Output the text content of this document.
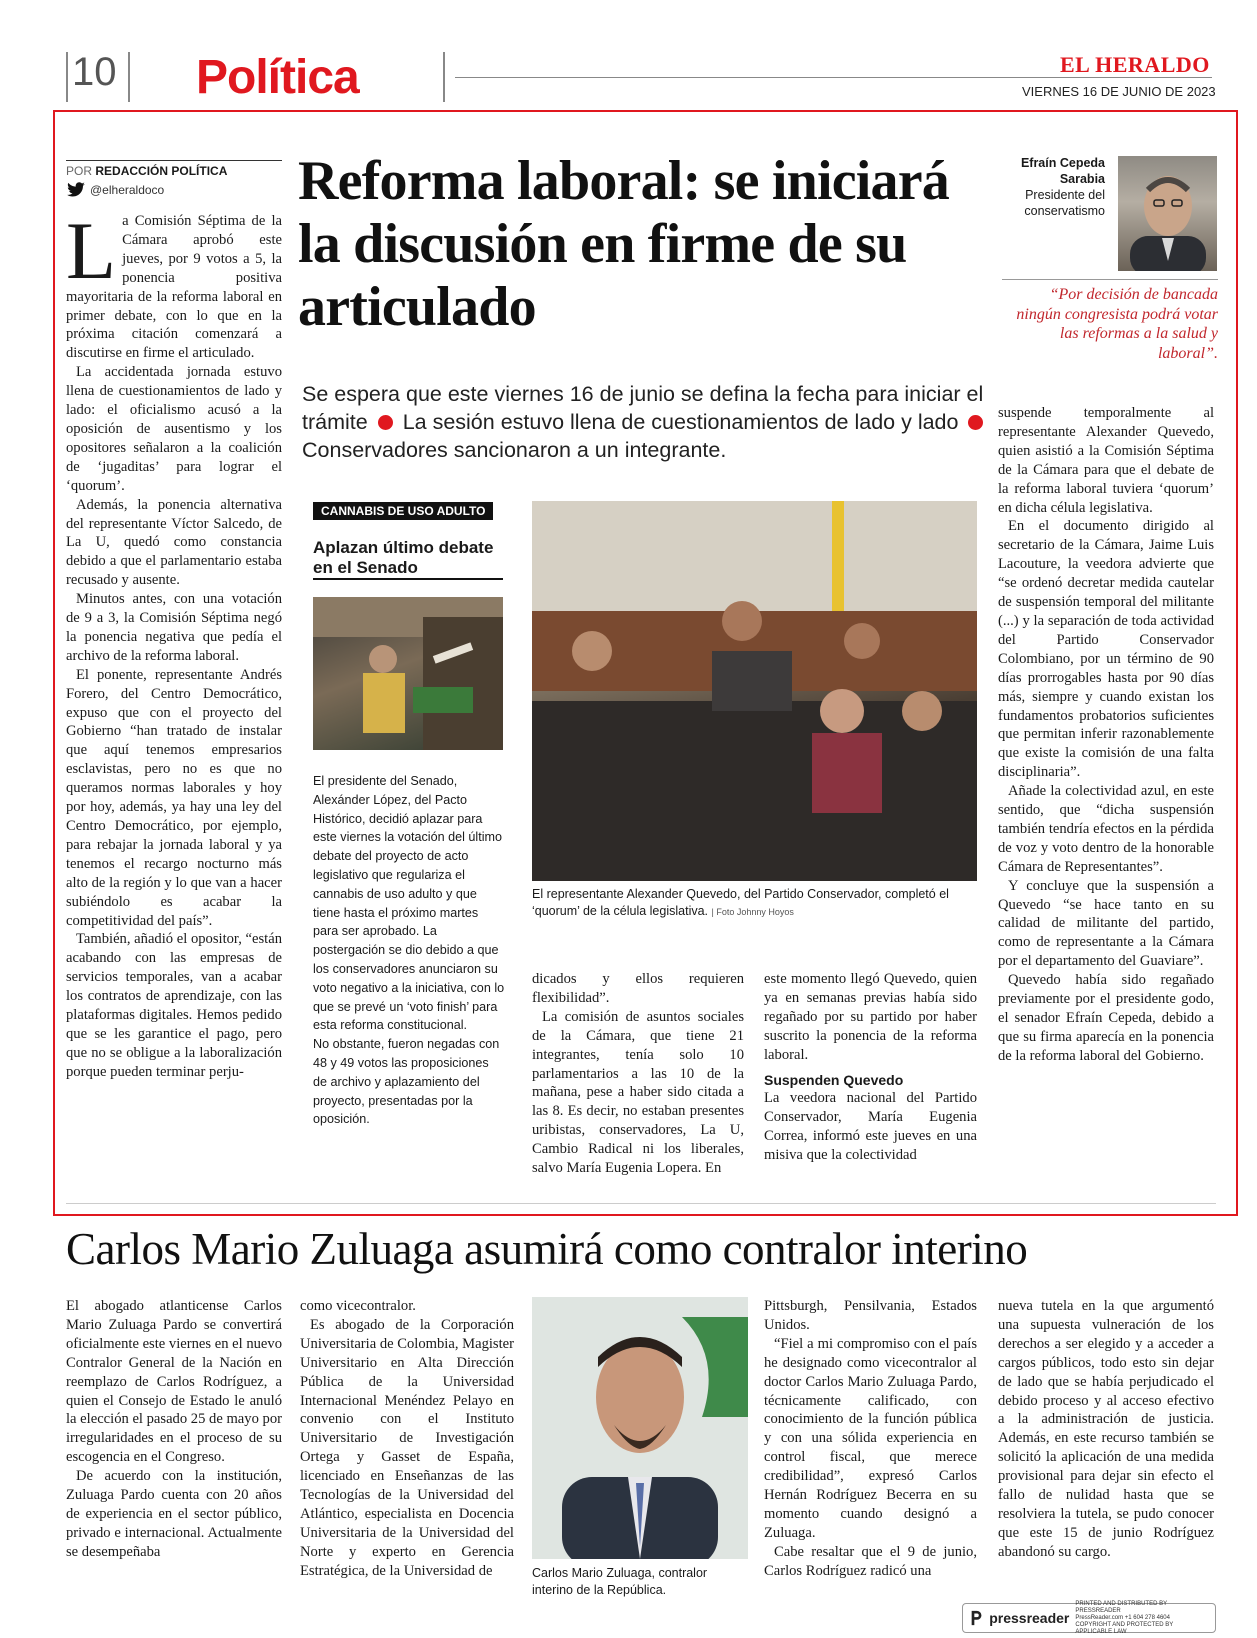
10 Política	EL HERALDO
VIERNES 16 DE JUNIO DE 2023
POR REDACCIÓN POLÍTICA
@elheraldoco

La Comisión Séptima de la Cámara aprobó este jueves, por 9 votos a 5, la ponencia positiva mayoritaria de la reforma laboral en primer debate, con lo que en la próxima citación comenzará a discutirse en firme el articulado.

La accidentada jornada estuvo llena de cuestionamientos de lado y lado: el oficialismo acusó a la oposición de ausentismo y los opositores señalaron a la coalición de ‘jugaditas’ para lograr el ‘quorum’.

Además, la ponencia alternativa del representante Víctor Salcedo, de La U, quedó como constancia debido a que el parlamentario estaba recusado y ausente.

Minutos antes, con una votación de 9 a 3, la Comisión Séptima negó la ponencia negativa que pedía el archivo de la reforma laboral.

El ponente, representante Andrés Forero, del Centro Democrático, expuso que con el proyecto del Gobierno “han tratado de instalar que aquí tenemos empresarios esclavistas, pero no es que no queramos normas laborales y hoy por hoy, además, ya hay una ley del Centro Democrático, por ejemplo, para rebajar la jornada laboral y ya tenemos el recargo nocturno más alto de la región y lo que van a hacer subiéndolo es acabar la competitividad del país”.

También, añadió el opositor, “están acabando con las empresas de servicios temporales, van a acabar los contratos de aprendizaje, con las plataformas digitales. Hemos pedido que se les garantice el pago, pero que no se obligue a la laboralización porque pueden terminar perju-

Reforma laboral: se iniciará la discusión en firme de su articulado
Se espera que este viernes 16 de junio se defina la fecha para iniciar el trámite La sesión estuvo llena de cuestionamientos de lado y lado  Conservadores sancionaron a un integrante.
Efraín Cepeda Sarabia
Presidente del conservatismo
“Por decisión de bancada ningún congresista podrá votar las reformas a la salud y laboral”.
CANNABIS DE USO ADULTO
Aplazan último debate en el Senado

El presidente del Senado, Alexánder López, del Pacto Histórico, decidió aplazar para este viernes la votación del último debate del proyecto de acto legislativo que regulariza el cannabis de uso adulto y que tiene hasta el próximo martes para ser aprobado. La postergación se dio debido a que los conservadores anunciaron su voto negativo a la iniciativa, con lo que se prevé un ‘voto finish’ para esta reforma constitucional.

No obstante, fueron negadas con 48 y 49 votos las proposiciones de archivo y aplazamiento del proyecto, presentadas por la oposición.

El representante Alexander Quevedo, del Partido Conservador, completó el ‘quorum’ de la célula legislativa. | Foto Johnny Hoyos

dicados y ellos requieren flexibilidad”.

La comisión de asuntos sociales de la Cámara, que tiene 21 integrantes, tenía solo 10 parlamentarios a las 10 de la mañana, pese a haber sido citada a las 8. Es decir, no estaban presentes uribistas, conservadores, La U, Cambio Radical ni los liberales, salvo María Eugenia Lopera. En

este momento llegó Quevedo, quien ya en semanas previas había sido regañado por su partido por haber suscrito la ponencia de la reforma laboral.

Suspenden Quevedo

La veedora nacional del Partido Conservador, María Eugenia Correa, informó este jueves en una misiva que la colectividad

suspende temporalmente al representante Alexander Quevedo, quien asistió a la Comisión Séptima de la Cámara para que el debate de la reforma laboral tuviera ‘quorum’ en dicha célula legislativa.

En el documento dirigido al secretario de la Cámara, Jaime Luis Lacouture, la veedora advierte que “se ordenó decretar medida cautelar de suspensión temporal del militante (...) y la separación de toda actividad del Partido Conservador Colombiano, por un término de 90 días prorrogables hasta por 90 días más, siempre y cuando existan los fundamentos probatorios suficientes que permitan inferir razonablemente que existe la comisión de una falta disciplinaria”.

Añade la colectividad azul, en este sentido, que “dicha suspensión también tendría efectos en la pérdida de voz y voto dentro de la honorable Cámara de Representantes”.

Y concluye que la suspensión a Quevedo “se hace tanto en su calidad de militante del partido, como de representante a la Cámara por el departamento del Guaviare”.

Quevedo había sido regañado previamente por el presidente godo, el senador Efraín Cepeda, debido a que su firma aparecía en la ponencia de la reforma laboral del Gobierno.

Carlos Mario Zuluaga asumirá como contralor interino

El abogado atlanticense Carlos Mario Zuluaga Pardo se convertirá oficialmente este viernes en el nuevo Contralor General de la Nación en reemplazo de Carlos Rodríguez, a quien el Consejo de Estado le anuló la elección el pasado 25 de mayo por irregularidades en el proceso de su escogencia en el Congreso.

De acuerdo con la institución, Zuluaga Pardo cuenta con 20 años de experiencia en el sector público, privado e internacional. Actualmente se desempeñaba

como vicecontralor.

Es abogado de la Corporación Universitaria de Colombia, Magister Universitario en Alta Dirección Pública de la Universidad Internacional Menéndez Pelayo en convenio con el Instituto Universitario de Investigación Ortega y Gasset de España, licenciado en Enseñanzas de las Tecnologías de la Universidad del Atlántico, especialista en Docencia Universitaria de la Universidad del Norte y experto en Gerencia Estratégica, de la Universidad de	Carlos Mario Zuluaga, contralor interino de la República.

Pittsburgh, Pensilvania, Estados Unidos.

“Fiel a mi compromiso con el país he designado como vicecontralor al doctor Carlos Mario Zuluaga Pardo, técnicamente calificado, con conocimiento de la función pública y con una sólida experiencia en control fiscal, que merece credibilidad”, expresó Carlos Hernán Rodríguez Becerra en su momento cuando designó a Zuluaga.

Cabe resaltar que el 9 de junio, Carlos Rodríguez radicó una

nueva tutela en la que argumentó una supuesta vulneración de los derechos a ser elegido y a acceder a cargos públicos, todo esto sin dejar de lado que se había perjudicado el debido proceso y al acceso efectivo a la administración de justicia. Además, en este recurso también se solicitó la aplicación de una medida provisional para dejar sin efecto el fallo de nulidad hasta que se resolviera la tutela, se pudo conocer que este 15 de junio Rodríguez abandonó su cargo.

pressreader
PRINTED AND DISTRIBUTED BY PRESSREADER
PressReader.com +1 604 278 4604
COPYRIGHT AND PROTECTED BY APPLICABLE LAW
